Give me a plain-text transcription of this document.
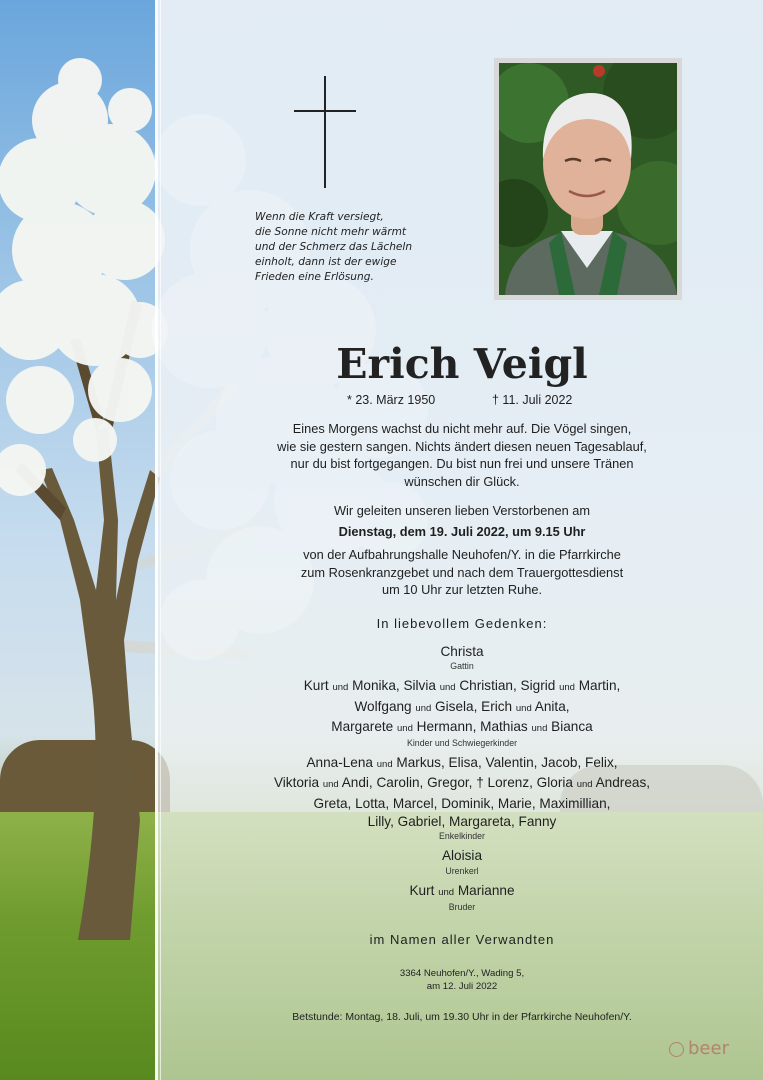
Wenn die Kraft versiegt,
die Sonne nicht mehr wärmt
und der Schmerz das Lächeln
einholt, dann ist der ewige
Frieden eine Erlösung.

Erich Veigl
* 23. März 1950	† 11. Juli 2022

Eines Morgens wachst du nicht mehr auf. Die Vögel singen,
wie sie gestern sangen. Nichts ändert diesen neuen Tagesablauf,
nur du bist fortgegangen. Du bist nun frei und unsere Tränen
wünschen dir Glück.

Wir geleiten unseren lieben Verstorbenen am

Dienstag, dem 19. Juli 2022, um 9.15 Uhr

von der Aufbahrungshalle Neuhofen/Y. in die Pfarrkirche
zum Rosenkranzgebet und nach dem Trauergottesdienst
um 10 Uhr zur letzten Ruhe.

In liebevollem Gedenken:

Christa

Gattin

Kurt und Monika, Silvia und Christian, Sigrid und Martin,

Wolfgang und Gisela, Erich und Anita,

Margarete und Hermann, Mathias und Bianca

Kinder und Schwiegerkinder

Anna-Lena und Markus, Elisa, Valentin, Jacob, Felix,

Viktoria und Andi, Carolin, Gregor, † Lorenz, Gloria und Andreas,

Greta, Lotta, Marcel, Dominik, Marie, Maximillian,

Lilly, Gabriel, Margareta, Fanny

Enkelkinder

Aloisia

Urenkerl

Kurt und Marianne

Bruder

im Namen aller Verwandten

3364 Neuhofen/Y., Wading 5,
am 12. Juli 2022

Betstunde: Montag, 18. Juli, um 19.30 Uhr in der Pfarrkirche Neuhofen/Y.

beer
